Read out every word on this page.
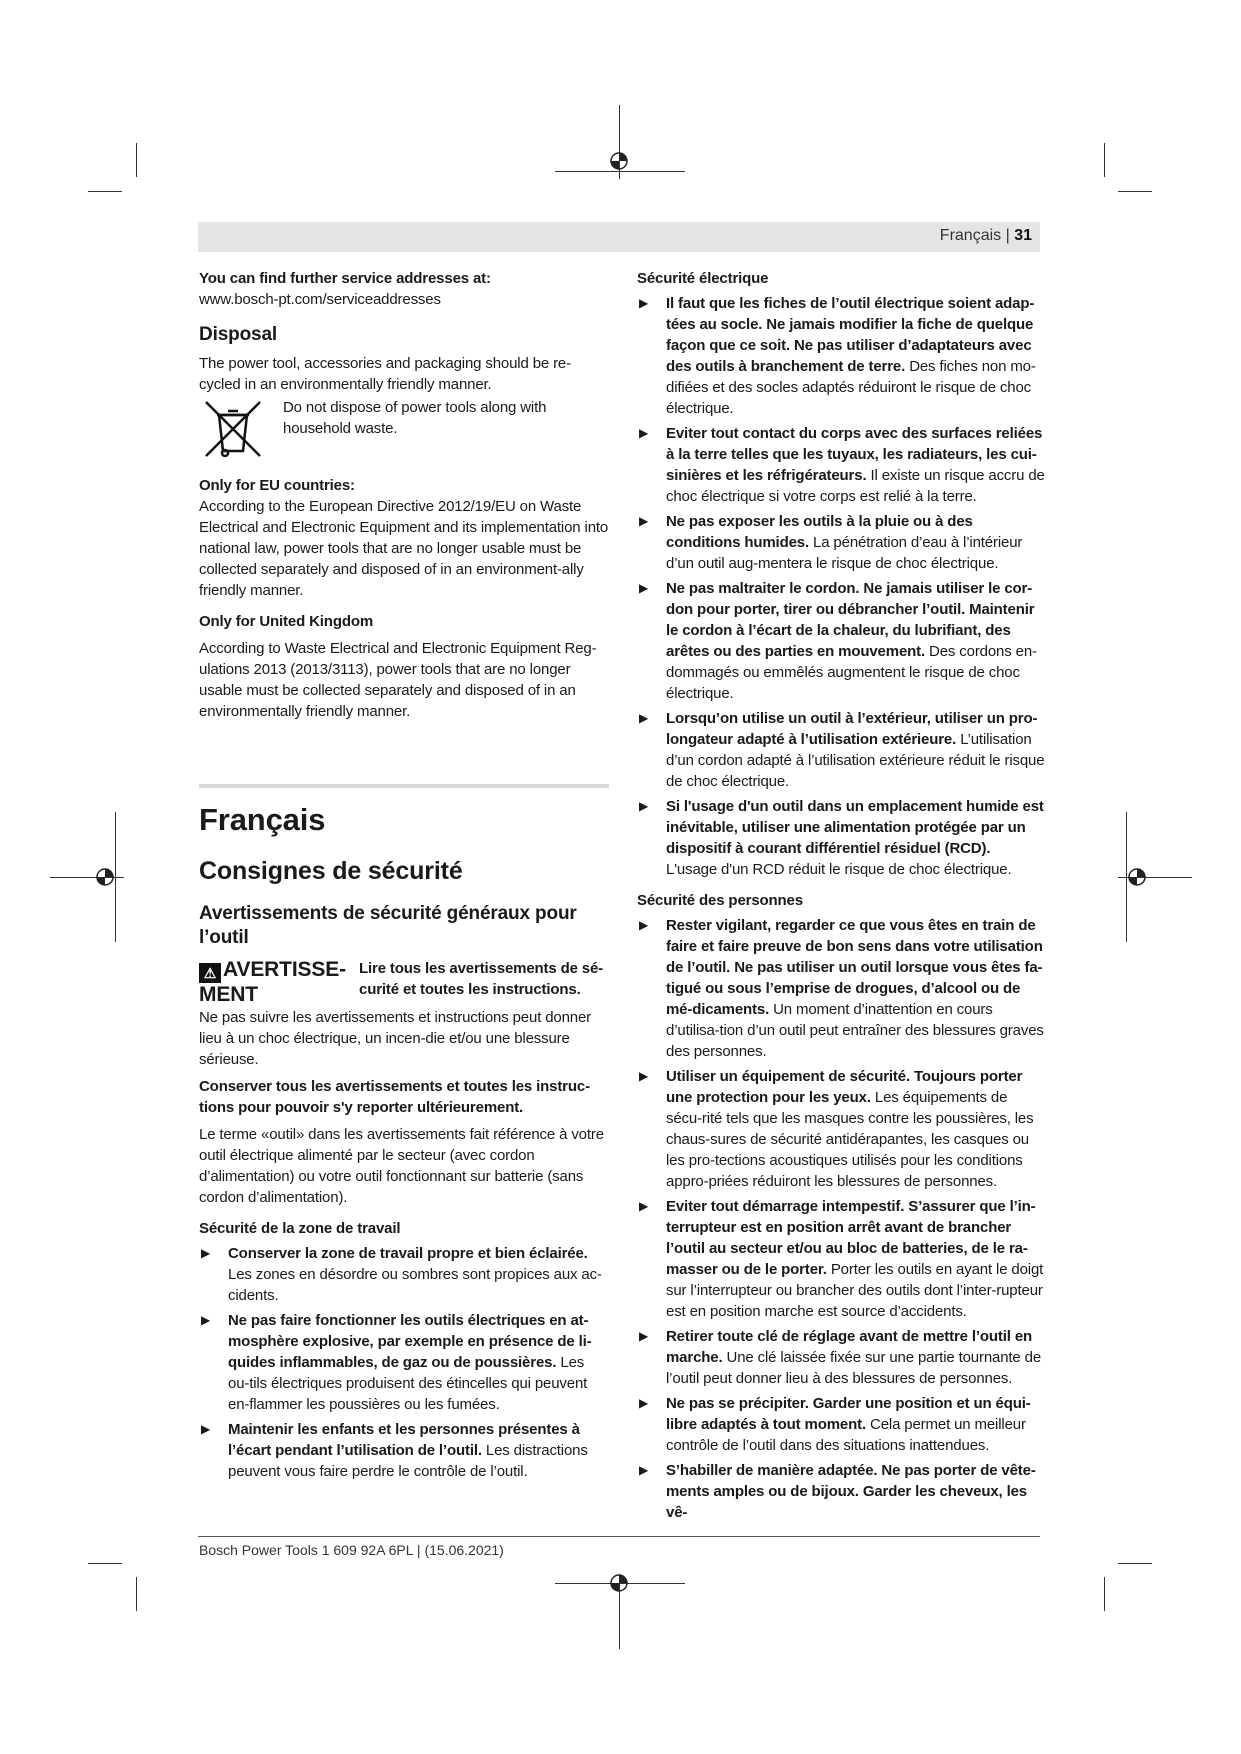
Français | 31

You can find further service addresses at:

www.bosch-pt.com/serviceaddresses

Disposal

The power tool, accessories and packaging should be re-cycled in an environmentally friendly manner.

Do not dispose of power tools along with household waste.

Only for EU countries:

According to the European Directive 2012/19/EU on Waste Electrical and Electronic Equipment and its implementation into national law, power tools that are no longer usable must be collected separately and disposed of in an environment-ally friendly manner.

Only for United Kingdom

According to Waste Electrical and Electronic Equipment Reg-ulations 2013 (2013/3113), power tools that are no longer usable must be collected separately and disposed of in an environmentally friendly manner.

Français

Consignes de sécurité

Avertissements de sécurité généraux pour l’outil

⚠ AVERTISSE-MENT

Lire tous les avertissements de sé-curité et toutes les instructions.

Ne pas suivre les avertissements et instructions peut donner lieu à un choc électrique, un incen-die et/ou une blessure sérieuse.

Conserver tous les avertissements et toutes les instruc-tions pour pouvoir s'y reporter ultérieurement.

Le terme «outil» dans les avertissements fait référence à votre outil électrique alimenté par le secteur (avec cordon d’alimentation) ou votre outil fonctionnant sur batterie (sans cordon d’alimentation).

Sécurité de la zone de travail

▶	Conserver la zone de travail propre et bien éclairée. Les zones en désordre ou sombres sont propices aux ac-cidents.
▶	Ne pas faire fonctionner les outils électriques en at-mosphère explosive, par exemple en présence de li-quides inflammables, de gaz ou de poussières. Les ou-tils électriques produisent des étincelles qui peuvent en-flammer les poussières ou les fumées.
▶	Maintenir les enfants et les personnes présentes à l’écart pendant l’utilisation de l’outil. Les distractions peuvent vous faire perdre le contrôle de l’outil.

Sécurité électrique

▶	Il faut que les fiches de l’outil électrique soient adap-tées au socle. Ne jamais modifier la fiche de quelque façon que ce soit. Ne pas utiliser d’adaptateurs avec des outils à branchement de terre. Des fiches non mo-difiées et des socles adaptés réduiront le risque de choc électrique.
▶	Eviter tout contact du corps avec des surfaces reliées à la terre telles que les tuyaux, les radiateurs, les cui-sinières et les réfrigérateurs. Il existe un risque accru de choc électrique si votre corps est relié à la terre.
▶	Ne pas exposer les outils à la pluie ou à des conditions humides. La pénétration d’eau à l’intérieur d’un outil aug-mentera le risque de choc électrique.
▶	Ne pas maltraiter le cordon. Ne jamais utiliser le cor-don pour porter, tirer ou débrancher l’outil. Maintenir le cordon à l’écart de la chaleur, du lubrifiant, des arêtes ou des parties en mouvement. Des cordons en-dommagés ou emmêlés augmentent le risque de choc électrique.
▶	Lorsqu’on utilise un outil à l’extérieur, utiliser un pro-longateur adapté à l’utilisation extérieure. L’utilisation d’un cordon adapté à l’utilisation extérieure réduit le risque de choc électrique.
▶	Si l'usage d'un outil dans un emplacement humide est inévitable, utiliser une alimentation protégée par un dispositif à courant différentiel résiduel (RCD). L'usage d'un RCD réduit le risque de choc électrique.

Sécurité des personnes

▶	Rester vigilant, regarder ce que vous êtes en train de faire et faire preuve de bon sens dans votre utilisation de l’outil. Ne pas utiliser un outil lorsque vous êtes fa-tigué ou sous l’emprise de drogues, d’alcool ou de mé-dicaments. Un moment d’inattention en cours d’utilisa-tion d’un outil peut entraîner des blessures graves des personnes.
▶	Utiliser un équipement de sécurité. Toujours porter une protection pour les yeux. Les équipements de sécu-rité tels que les masques contre les poussières, les chaus-sures de sécurité antidérapantes, les casques ou les pro-tections acoustiques utilisés pour les conditions appro-priées réduiront les blessures de personnes.
▶	Eviter tout démarrage intempestif. S’assurer que l’in-terrupteur est en position arrêt avant de brancher l’outil au secteur et/ou au bloc de batteries, de le ra-masser ou de le porter. Porter les outils en ayant le doigt sur l’interrupteur ou brancher des outils dont l’inter-rupteur est en position marche est source d’accidents.
▶	Retirer toute clé de réglage avant de mettre l’outil en marche. Une clé laissée fixée sur une partie tournante de l’outil peut donner lieu à des blessures de personnes.
▶	Ne pas se précipiter. Garder une position et un équi-libre adaptés à tout moment. Cela permet un meilleur contrôle de l’outil dans des situations inattendues.
▶	S’habiller de manière adaptée. Ne pas porter de vête-ments amples ou de bijoux. Garder les cheveux, les vê-
Bosch Power Tools 1 609 92A 6PL | (15.06.2021)
